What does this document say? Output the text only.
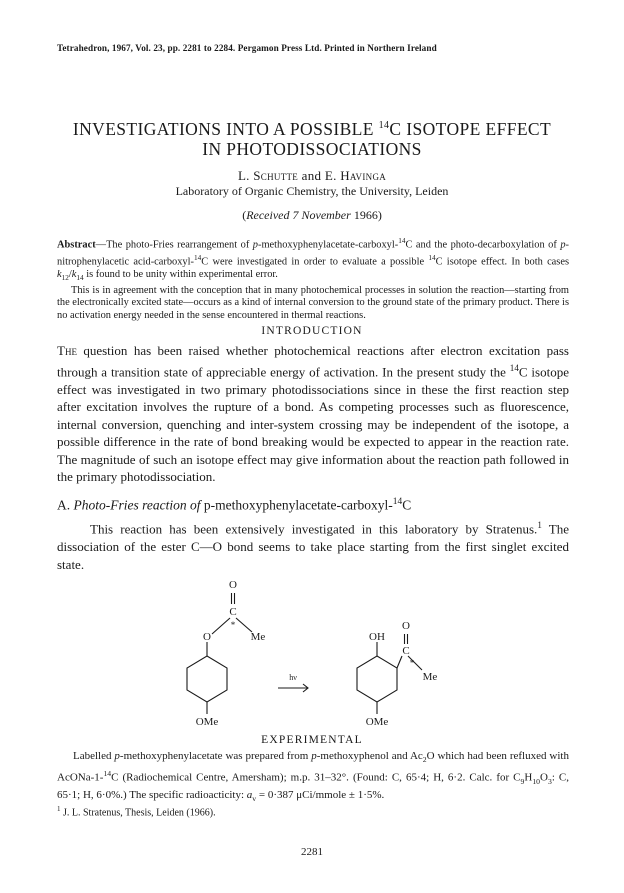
Tetrahedron, 1967, Vol. 23, pp. 2281 to 2284. Pergamon Press Ltd. Printed in Northern Ireland
INVESTIGATIONS INTO A POSSIBLE $^{14}$C ISOTOPE EFFECT
IN PHOTODISSOCIATIONS
L. Schutte and E. Havinga
Laboratory of Organic Chemistry, the University, Leiden
(Received 7 November 1966)

Abstract—The photo-Fries rearrangement of p-methoxyphenylacetate-carboxyl-$^{14}$C and the photo-decarboxylation of p-nitrophenylacetic acid-carboxyl-$^{14}$C were investigated in order to evaluate a possible $^{14}$C isotope effect. In both cases $k_{12}/k_{14}$ is found to be unity within experimental error.

This is in agreement with the conception that in many photochemical processes in solution the reaction—starting from the electronically excited state—occurs as a kind of internal conversion to the ground state of the primary product. There is no activation energy needed in the sense encountered in thermal reactions.

INTRODUCTION

The question has been raised whether photochemical reactions after electron excitation pass through a transition state of appreciable energy of activation. In the present study the $^{14}$C isotope effect was investigated in two primary photodissociations since in these the first reaction step after excitation involves the rupture of a bond. As competing processes such as fluorescence, internal conversion, quenching and inter-system crossing may be independent of the isotope, a possible difference in the rate of bond breaking would be expected to appear in the reaction rate. The magnitude of such an isotope effect may give information about the reaction path followed in the primary photodissociation.

A. Photo-Fries reaction of p-methoxyphenylacetate-carboxyl-$^{14}$C

This reaction has been extensively investigated in this laboratory by Stratenus.$^1$ The dissociation of the ester C—O bond seems to take place starting from the first singlet excited state.

O
C
*
O	Me
OMe
hν
OH
O
C
*
Me
OMe
EXPERIMENTAL

Labelled p-methoxyphenylacetate was prepared from p-methoxyphenol and $Ac_2O$ which had been refluxed with AcONa-1-$^{14}$C (Radiochemical Centre, Amersham); m.p. 31–32°. (Found: C, 65·4; H, 6·2. Calc. for $C_9H_{10}O_3$: C, 65·1; H, 6·0%.) The specific radioacticity: $a_v = 0\cdot 387$ μCi/mmole ± 1·5%.

$^1$ J. L. Stratenus, Thesis, Leiden (1966).
2281
